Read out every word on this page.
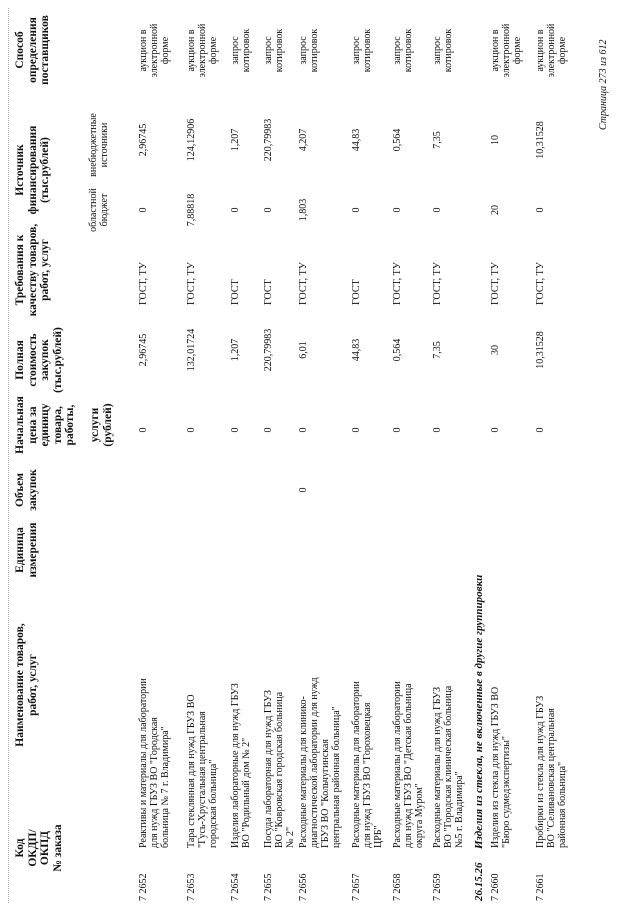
Код
ОКДП/
ОКПД
№ заказа
Наименование товаров,
работ, услуг
Единица
измерения
Объем
закупок
Начальная
цена за
единицу
товара,
работы,

услуги
(рублей)
Полная
стоимость
закупок
(тыс.рублей)
Требования к
качеству товаров,
работ, услуг
Источник
финансирования
(тыс.рублей)
областной
бюджет
внебюджетные
источники
Способ
определения
поставщиков
7 2652
Реактивы и материалы для лаборатории
для нужд ГБУЗ ВО "Городская
больница № 7 г. Владимира"
0
2,96745
ГОСТ, ТУ
0
2,96745
аукцион в
электронной
форме
7 2653
Тара стеклянная для нужд ГБУЗ ВО
"Гусь-Хрустальная центральная
городская больница"
0
132,01724
ГОСТ, ТУ
7,88818
124,12906
аукцион в
электронной
форме
7 2654
Изделия лабораторные для нужд ГБУЗ
ВО "Родильный дом № 2"
0
1,207
ГОСТ
0
1,207
запрос
котировок
7 2655
Посуда лабораторная для нужд ГБУЗ
ВО "Ковровская городская больница
№ 2"
0
220,79983
ГОСТ
0
220,79983
запрос
котировок
7 2656
Расходные материалы для клинико-
диагностической лаборатории для нужд
ГБУЗ ВО "Кольчугинская
центральная районная больница"
0
0
6,01
ГОСТ, ТУ
1,803
4,207
запрос
котировок
7 2657
Расходные материалы для лаборатории
для нужд ГБУЗ ВО "Гороховецкая
ЦРБ"
0
44,83
ГОСТ
0
44,83
запрос
котировок
7 2658
Расходные материалы для лаборатории
для нужд ГБУЗ ВО "Детская больница
округа Муром"
0
0,564
ГОСТ, ТУ
0
0,564
запрос
котировок
7 2659
Расходные материалы для нужд ГБУЗ
ВО "Городская клиническая больница
№5 г. Владимира"
0
7,35
ГОСТ, ТУ
0
7,35
запрос
котировок
7 2660
Изделия из стекла для нужд ГБУЗ ВО
"Бюро судмедэкспертизы"
0
30
ГОСТ, ТУ
20
10
аукцион в
электронной
форме
7 2661
Пробирки из стекла для нужд ГБУЗ
ВО "Селивановская центральная
районная больница"
0
10,31528
ГОСТ, ТУ
0
10,31528
аукцион в
электронной
форме
26.15.26
Изделия из стекла, не включенные в другие группировки
Страница 273 из 612
